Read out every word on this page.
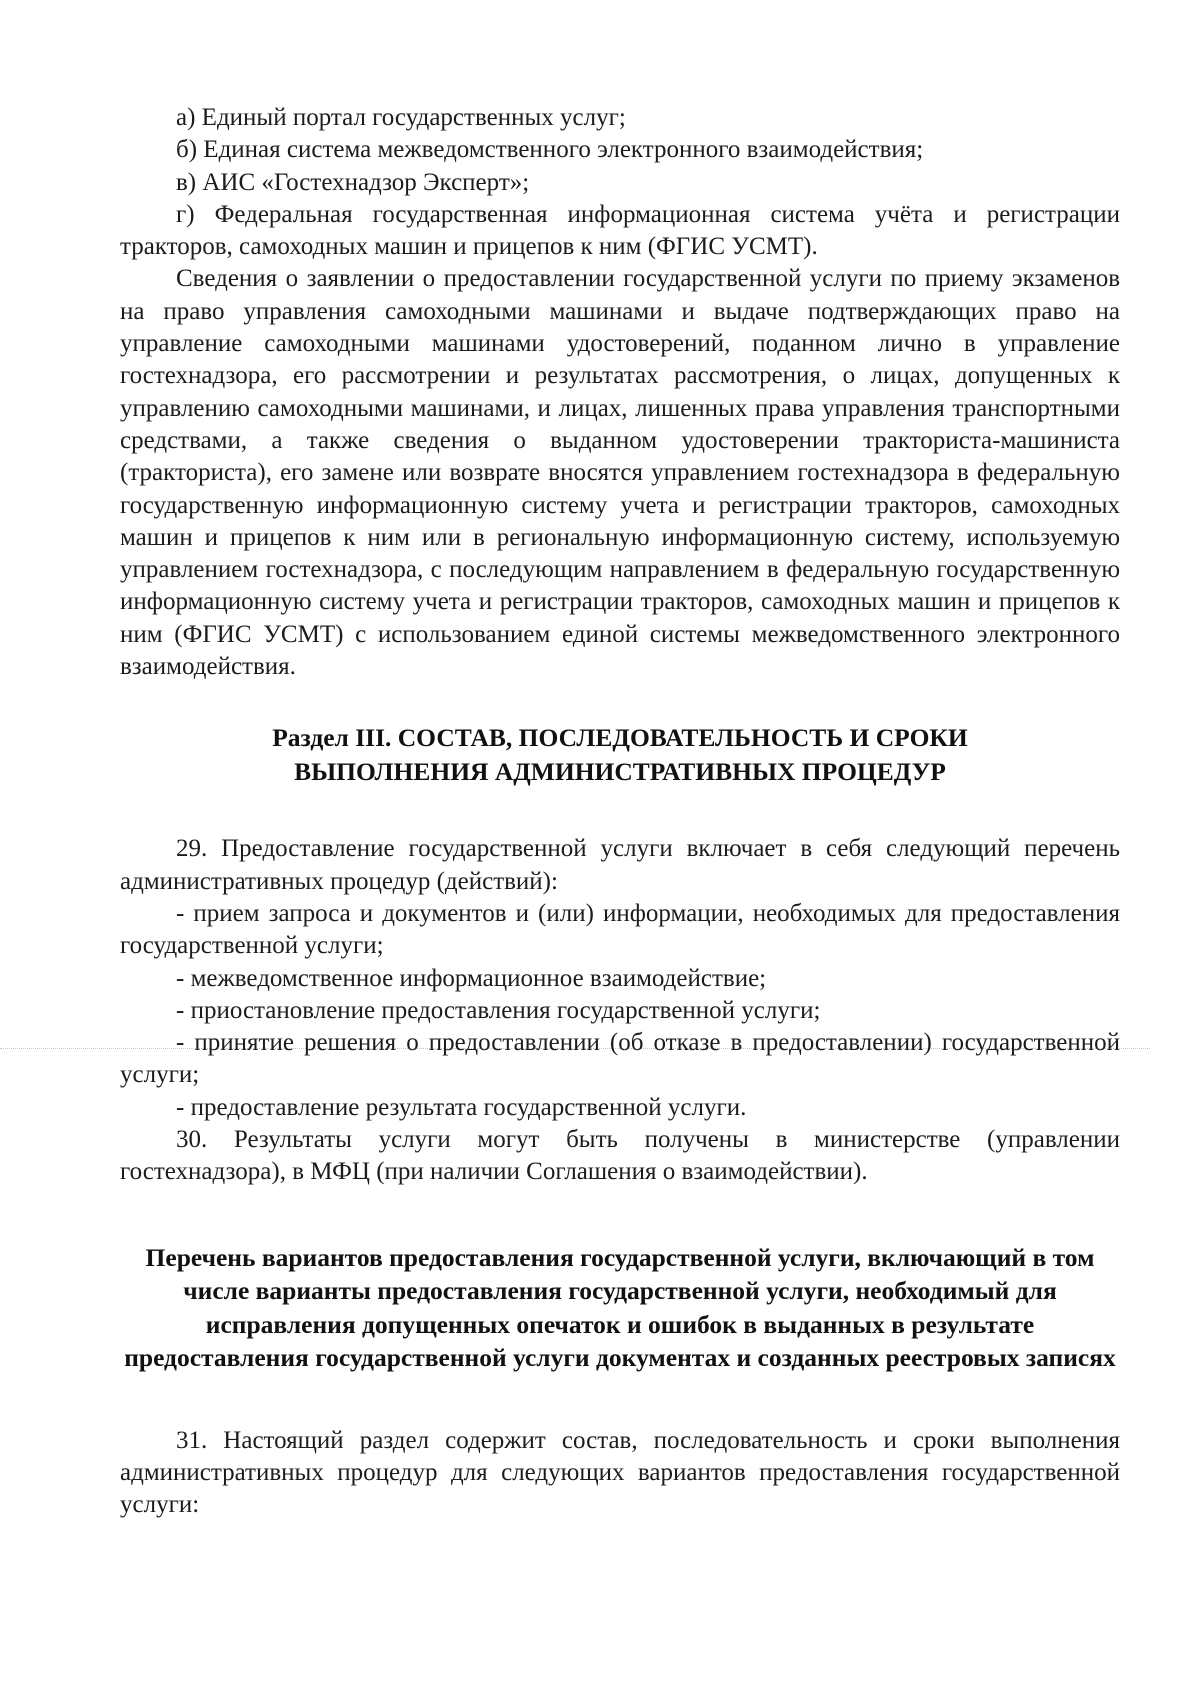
а) Единый портал государственных услуг;

б) Единая система межведомственного электронного взаимодействия;

в) АИС «Гостехнадзор Эксперт»;

г) Федеральная государственная информационная система учёта и регистрации тракторов, самоходных машин и прицепов к ним (ФГИС УСМТ).

Сведения о заявлении о предоставлении государственной услуги по приему экзаменов на право управления самоходными машинами и выдаче подтверждающих право на управление самоходными машинами удостоверений, поданном лично в управление гостехнадзора, его рассмотрении и результатах рассмотрения, о лицах, допущенных к управлению самоходными машинами, и лицах, лишенных права управления транспортными средствами, а также сведения о выданном удостоверении тракториста-машиниста (тракториста), его замене или возврате вносятся управлением гостехнадзора в федеральную государственную информационную систему учета и регистрации тракторов, самоходных машин и прицепов к ним или в региональную информационную систему, используемую управлением гостехнадзора, с последующим направлением в федеральную государственную информационную систему учета и регистрации тракторов, самоходных машин и прицепов к ним (ФГИС УСМТ) с использованием единой системы межведомственного электронного взаимодействия.

Раздел III. СОСТАВ, ПОСЛЕДОВАТЕЛЬНОСТЬ И СРОКИ ВЫПОЛНЕНИЯ АДМИНИСТРАТИВНЫХ ПРОЦЕДУР

29. Предоставление государственной услуги включает в себя следующий перечень административных процедур (действий):

- прием запроса и документов и (или) информации, необходимых для предоставления государственной услуги;

- межведомственное информационное взаимодействие;

- приостановление предоставления государственной услуги;

- принятие решения о предоставлении (об отказе в предоставлении) государственной услуги;

- предоставление результата государственной услуги.

30. Результаты услуги могут быть получены в министерстве (управлении гостехнадзора), в МФЦ (при наличии Соглашения о взаимодействии).

Перечень вариантов предоставления государственной услуги, включающий в том числе варианты предоставления государственной услуги, необходимый для исправления допущенных опечаток и ошибок в выданных в результате предоставления государственной услуги документах и созданных реестровых записях

31. Настоящий раздел содержит состав, последовательность и сроки выполнения административных процедур для следующих вариантов предоставления государственной услуги:
